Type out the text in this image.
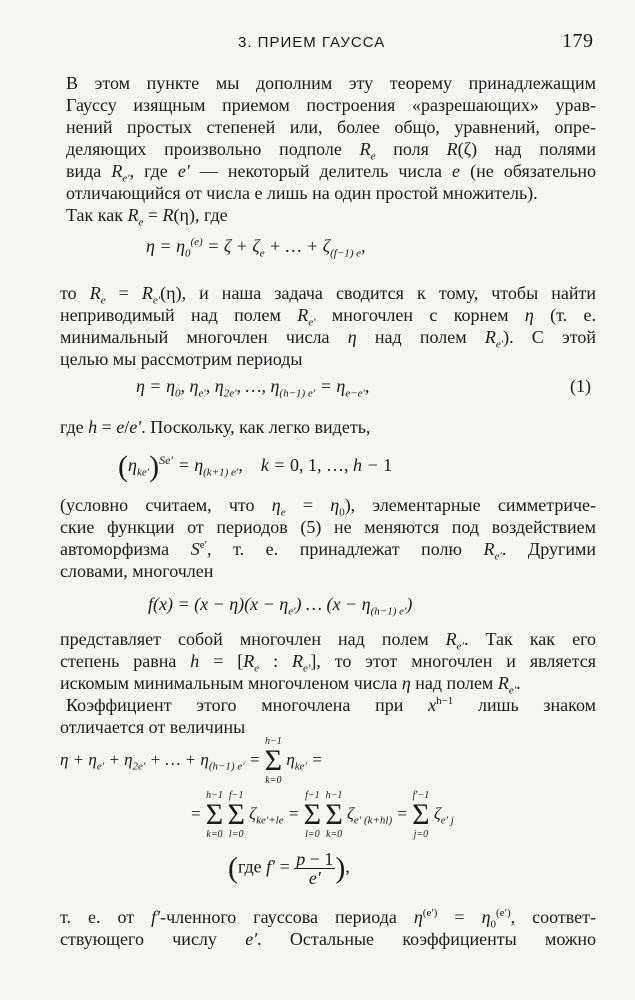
3. ПРИЕМ ГАУССА	179
В этом пункте мы дополним эту теорему принадлежащим
Гауссу изящным приемом построения «разрешающих» урав-
нений простых степеней или, более общо, уравнений, опре-
деляющих произвольно подполе $R_e$ поля R(ζ) над полями
вида $R_{e'}$, где e′ — некоторый делитель числа e (не обязательно
отличающийся от числа e лишь на один простой множитель).
Так как $R_e = R(\eta)$, где
$\eta = \eta_0^{(e)} = \zeta + \zeta_e$ + … + $\zeta_{(f-1) e}$,
то $R_e = R_{e'}(\eta)$, и наша задача сводится к тому, чтобы найти
неприводимый над полем $R_{e'}$ многочлен с корнем η (т. е.
минимальный многочлен числа η над полем $R_{e'}$). С этой
целью мы рассмотрим периоды
$\eta = \eta_0$, $\eta_{e'}$, $\eta_{2e'}$, …, $\eta_{(h-1) e'} = \eta_{e-e'}$,	(1)
где h = e/e′. Поскольку, как легко видеть,
$(\eta_{ke'})^{Se'} = \eta_{(k+1) e'}$,    k = 0, 1, …, h − 1
(условно считаем, что $\eta_e = \eta_0$), элементарные симметриче-
ские функции от периодов (5) не меняются под воздействием
автоморфизма $S^{e'}$, т. е. принадлежат полю $R_{e'}$. Другими
словами, многочлен
$f(x) = (x - \eta)(x - \eta_{e'})$ … $(x - \eta_{(h-1) e'})$
представляет собой многочлен над полем $R_{e'}$. Так как его
степень равна $h = [R_e$ : $R_{e'}$], то этот многочлен и является
искомым минимальным многочленом числа η над полем $R_{e'}$.
Коэффициент этого многочлена при $x^{h-1}$ лишь знаком
отличается от величины
$\eta + \eta_{e'} + \eta_{2e'}$ + … + $\eta_{(h-1) e'}$ =
h−1
Σ
k=0
$\eta_{ke'}$ =
=
h−1
Σ
k=0

f−1
Σ
l=0
$\zeta_{ke'+le}$ =
f−1
Σ
l=0

h−1
Σ
k=0
$\zeta_{e' (k+hl)}$ =
f′−1
Σ
j=0
$\zeta_{e' j}$
(где $f' = \frac{p - 1}{e'}$ ),
т. е. от f′-членного гауссова периода $\eta^{(e')} = \eta_0^{(e')}$, соответ-
ствующего числу e′. Остальные коэффициенты можно
